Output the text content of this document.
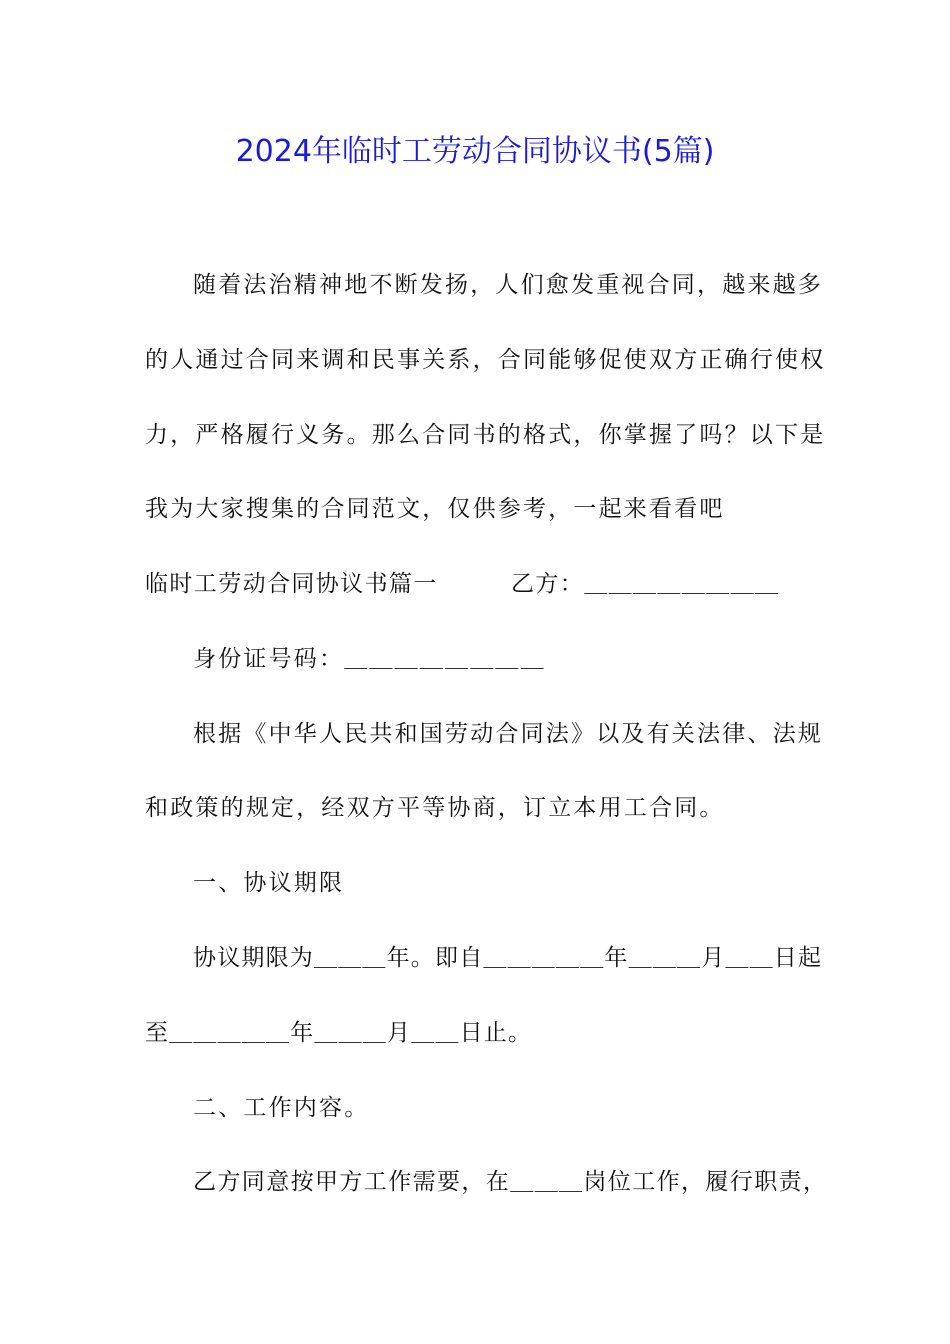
2024年临时工劳动合同协议书(5篇)
随着法治精神地不断发扬，人们愈发重视合同，越来越多
的人通过合同来调和民事关系，合同能够促使双方正确行使权
力，严格履行义务。那么合同书的格式，你掌握了吗？以下是
我为大家搜集的合同范文，仅供参考，一起来看看吧
临时工劳动合同协议书篇一　　　乙方：＿＿＿＿＿＿＿＿
身份证号码：＿＿＿＿＿＿＿＿
根据《中华人民共和国劳动合同法》以及有关法律、法规
和政策的规定，经双方平等协商，订立本用工合同。
一、协议期限
协议期限为＿＿＿年。即自＿＿＿＿＿年＿＿＿月＿＿日起
至＿＿＿＿＿年＿＿＿月＿＿日止。
二、工作内容。
乙方同意按甲方工作需要，在＿＿＿岗位工作，履行职责，
